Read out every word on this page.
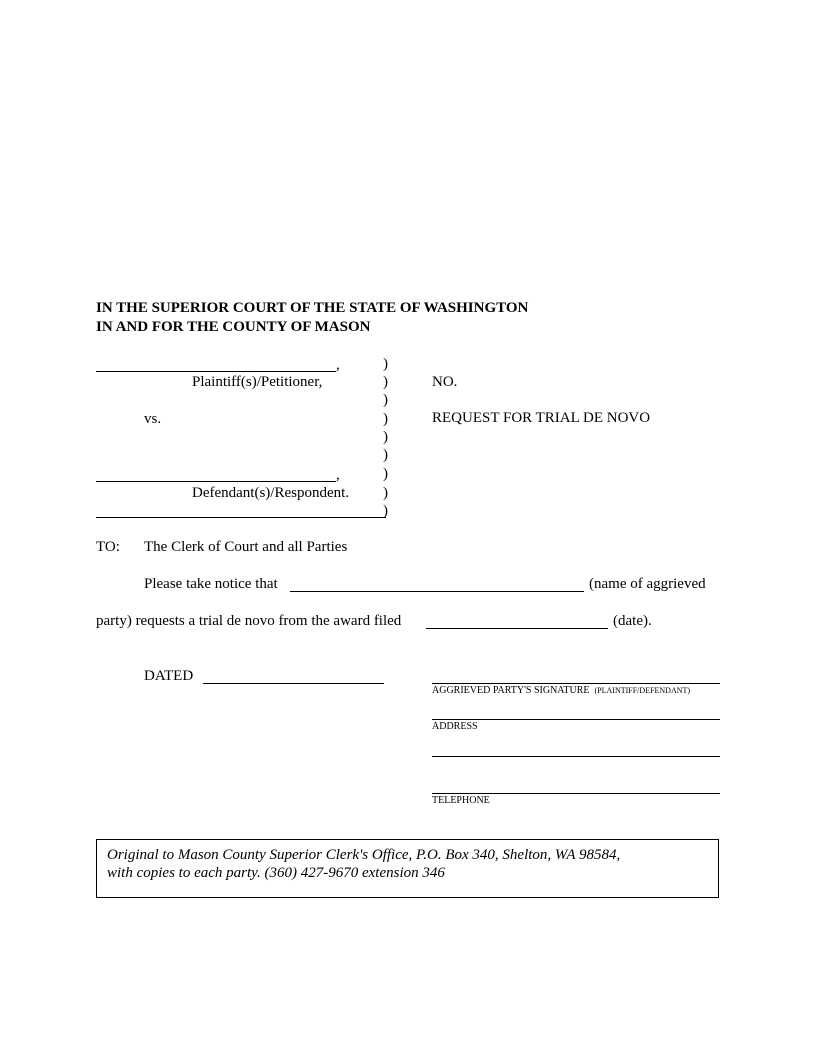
IN THE SUPERIOR COURT OF THE STATE OF WASHINGTON
IN AND FOR THE COUNTY OF MASON
,
Plaintiff(s)/Petitioner,
vs.
,
Defendant(s)/Respondent.
)
)
)
)
)
)
)
)
)
NO.
REQUEST FOR TRIAL DE NOVO
TO: The Clerk of Court and all Parties
Please take notice that	(name of aggrieved
party) requests a trial de novo from the award filed	(date).
DATED
AGGRIEVED PARTY'S SIGNATURE (PLAINTIFF/DEFENDANT)
ADDRESS
TELEPHONE
Original to Mason County Superior Clerk's Office, P.O. Box 340, Shelton, WA 98584,
with copies to each party. (360) 427-9670 extension 346
